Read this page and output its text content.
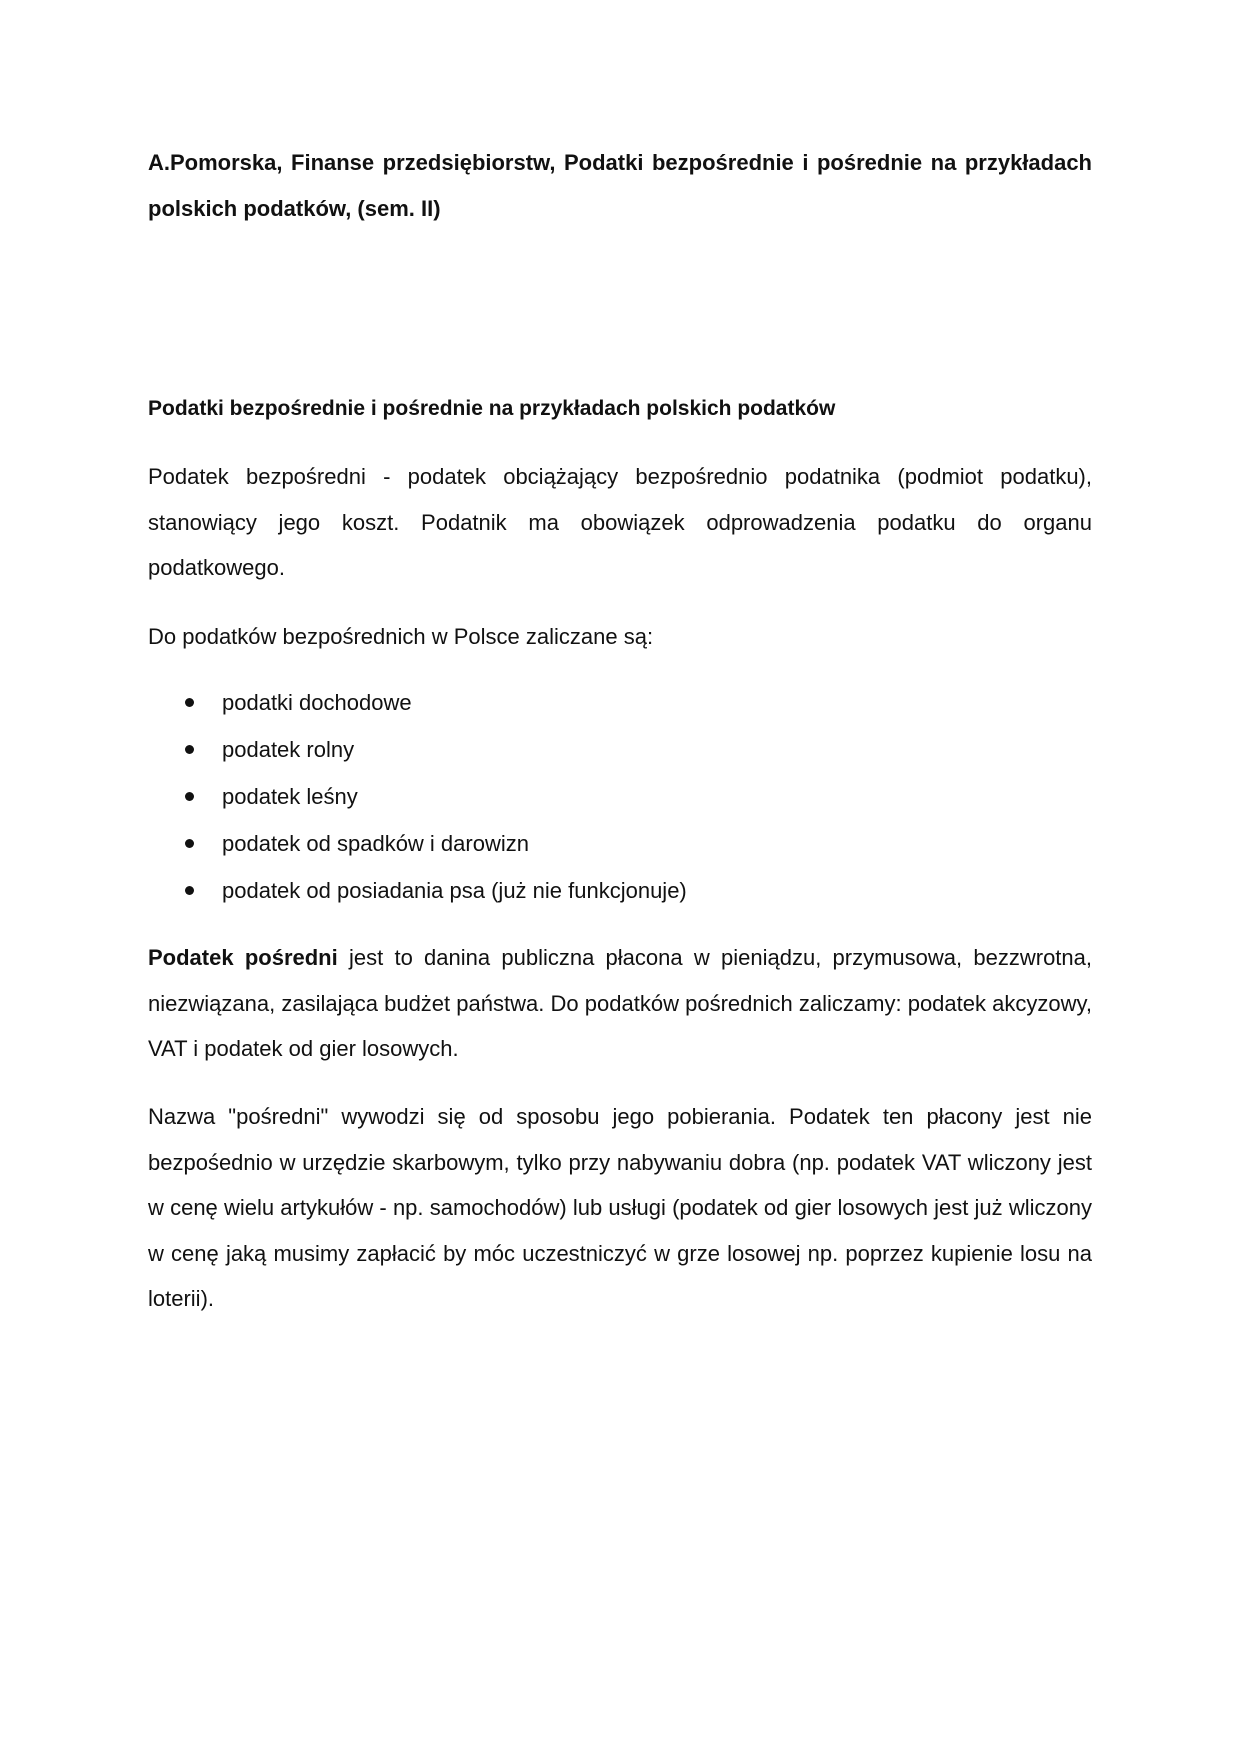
A.Pomorska, Finanse przedsiębiorstw, Podatki bezpośrednie i pośrednie na przykładach polskich podatków, (sem. II)

Podatki bezpośrednie i pośrednie na przykładach polskich podatków

Podatek bezpośredni - podatek obciążający bezpośrednio podatnika (podmiot podatku), stanowiący jego koszt. Podatnik ma obowiązek odprowadzenia podatku do organu podatkowego.

Do podatków bezpośrednich w Polsce zaliczane są:

podatki dochodowe
podatek rolny
podatek leśny
podatek od spadków i darowizn
podatek od posiadania psa (już nie funkcjonuje)

Podatek pośredni jest to danina publiczna płacona w pieniądzu, przymusowa, bezzwrotna, niezwiązana, zasilająca budżet państwa. Do podatków pośrednich zaliczamy: podatek akcyzowy, VAT i podatek od gier losowych.

Nazwa "pośredni" wywodzi się od sposobu jego pobierania. Podatek ten płacony jest nie bezpośednio w urzędzie skarbowym, tylko przy nabywaniu dobra (np. podatek VAT wliczony jest w cenę wielu artykułów - np. samochodów) lub usługi (podatek od gier losowych jest już wliczony w cenę jaką musimy zapłacić by móc uczestniczyć w grze losowej np. poprzez kupienie losu na loterii).
